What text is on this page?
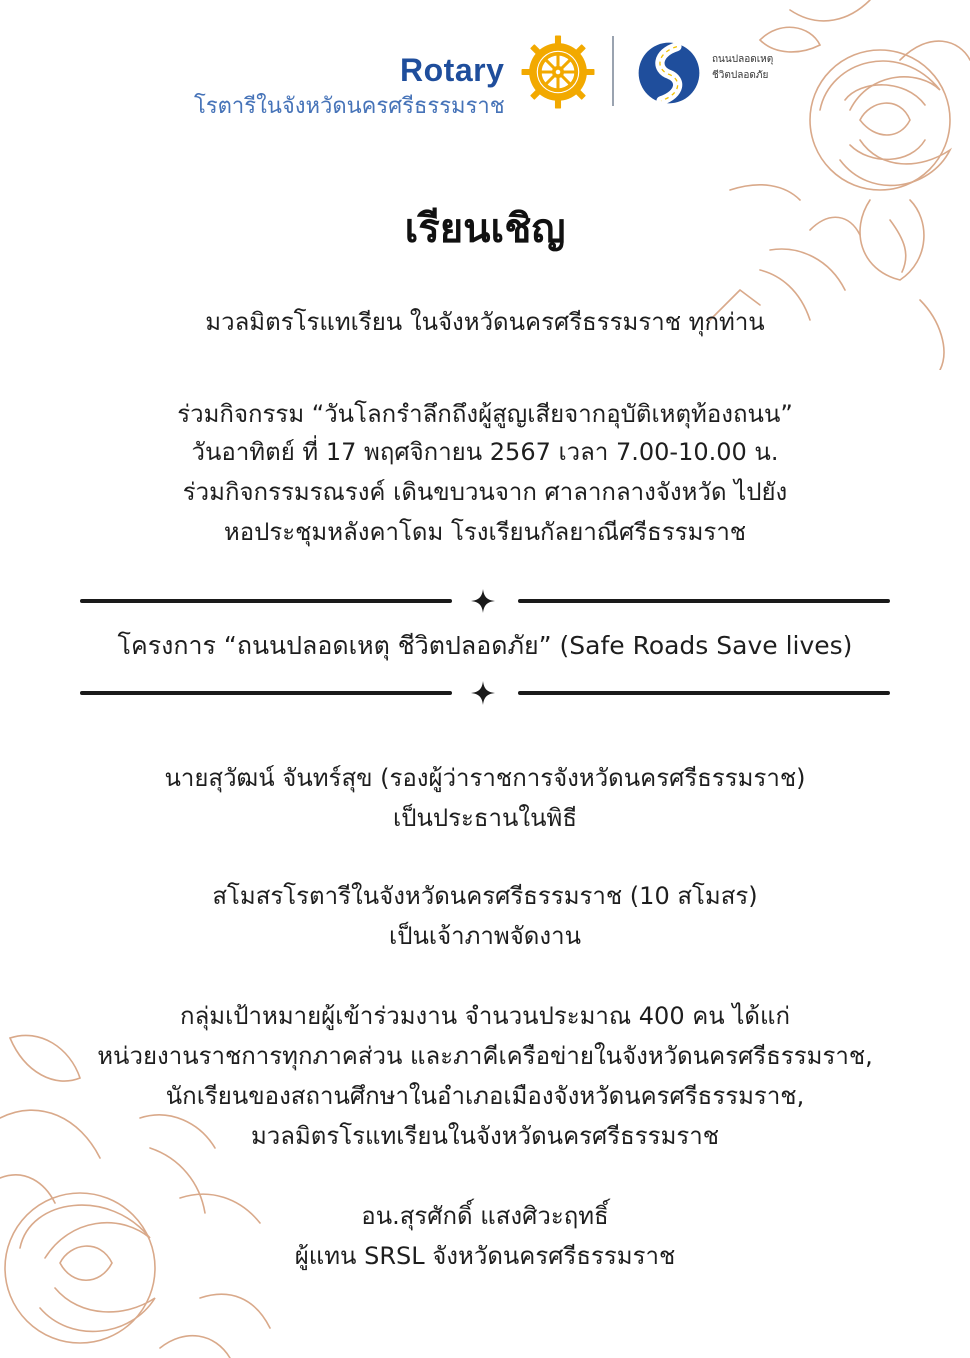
Rotary
โรตารีในจังหวัดนครศรีธรรมราช
ถนนปลอดเหตุ
ชีวิตปลอดภัย
เรียนเชิญ
มวลมิตรโรแทเรียน ในจังหวัดนครศรีธรรมราช ทุกท่าน
ร่วมกิจกรรม “วันโลกรำลึกถึงผู้สูญเสียจากอุบัติเหตุท้องถนน”
วันอาทิตย์ ที่ 17 พฤศจิกายน 2567 เวลา 7.00-10.00 น.
ร่วมกิจกรรมรณรงค์ เดินขบวนจาก ศาลากลางจังหวัด ไปยัง
หอประชุมหลังคาโดม โรงเรียนกัลยาณีศรีธรรมราช
โครงการ “ถนนปลอดเหตุ ชีวิตปลอดภัย” (Safe Roads Save lives)
นายสุวัฒน์ จันทร์สุข (รองผู้ว่าราชการจังหวัดนครศรีธรรมราช)
เป็นประธานในพิธี
สโมสรโรตารีในจังหวัดนครศรีธรรมราช (10 สโมสร)
เป็นเจ้าภาพจัดงาน
กลุ่มเป้าหมายผู้เข้าร่วมงาน จำนวนประมาณ 400 คน ได้แก่
หน่วยงานราชการทุกภาคส่วน และภาคีเครือข่ายในจังหวัดนครศรีธรรมราช,
นักเรียนของสถานศึกษาในอำเภอเมืองจังหวัดนครศรีธรรมราช,
มวลมิตรโรแทเรียนในจังหวัดนครศรีธรรมราช
อน.สุรศักดิ์ แสงศิวะฤทธิ์
ผู้แทน SRSL จังหวัดนครศรีธรรมราช
